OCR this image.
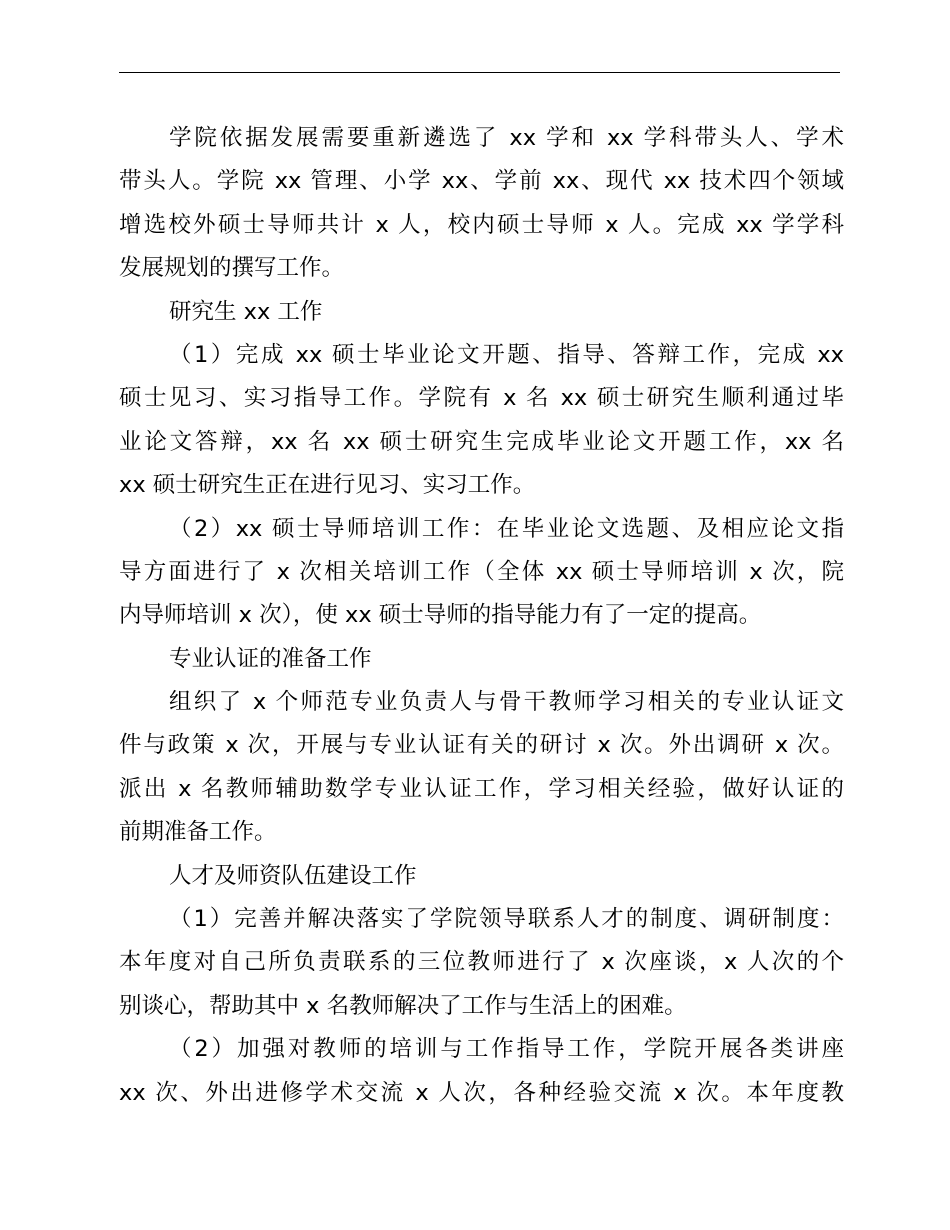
学院依据发展需要重新遴选了 xx 学和 xx 学科带头人、学术
带头人。学院 xx 管理、小学 xx、学前 xx、现代 xx 技术四个领域
增选校外硕士导师共计 x 人，校内硕士导师 x 人。完成 xx 学学科
发展规划的撰写工作。
研究生 xx 工作
（1）完成 xx 硕士毕业论文开题、指导、答辩工作，完成 xx
硕士见习、实习指导工作。学院有 x 名 xx 硕士研究生顺利通过毕
业论文答辩，xx 名 xx 硕士研究生完成毕业论文开题工作，xx 名
xx 硕士研究生正在进行见习、实习工作。
（2）xx 硕士导师培训工作：在毕业论文选题、及相应论文指
导方面进行了 x 次相关培训工作（全体 xx 硕士导师培训 x 次，院
内导师培训 x 次），使 xx 硕士导师的指导能力有了一定的提高。
专业认证的准备工作
组织了 x 个师范专业负责人与骨干教师学习相关的专业认证文
件与政策 x 次，开展与专业认证有关的研讨 x 次。外出调研 x 次。
派出 x 名教师辅助数学专业认证工作，学习相关经验，做好认证的
前期准备工作。
人才及师资队伍建设工作
（1）完善并解决落实了学院领导联系人才的制度、调研制度：
本年度对自己所负责联系的三位教师进行了 x 次座谈，x 人次的个
别谈心，帮助其中 x 名教师解决了工作与生活上的困难。
（2）加强对教师的培训与工作指导工作，学院开展各类讲座
xx 次、外出进修学术交流 x 人次，各种经验交流 x 次。本年度教
